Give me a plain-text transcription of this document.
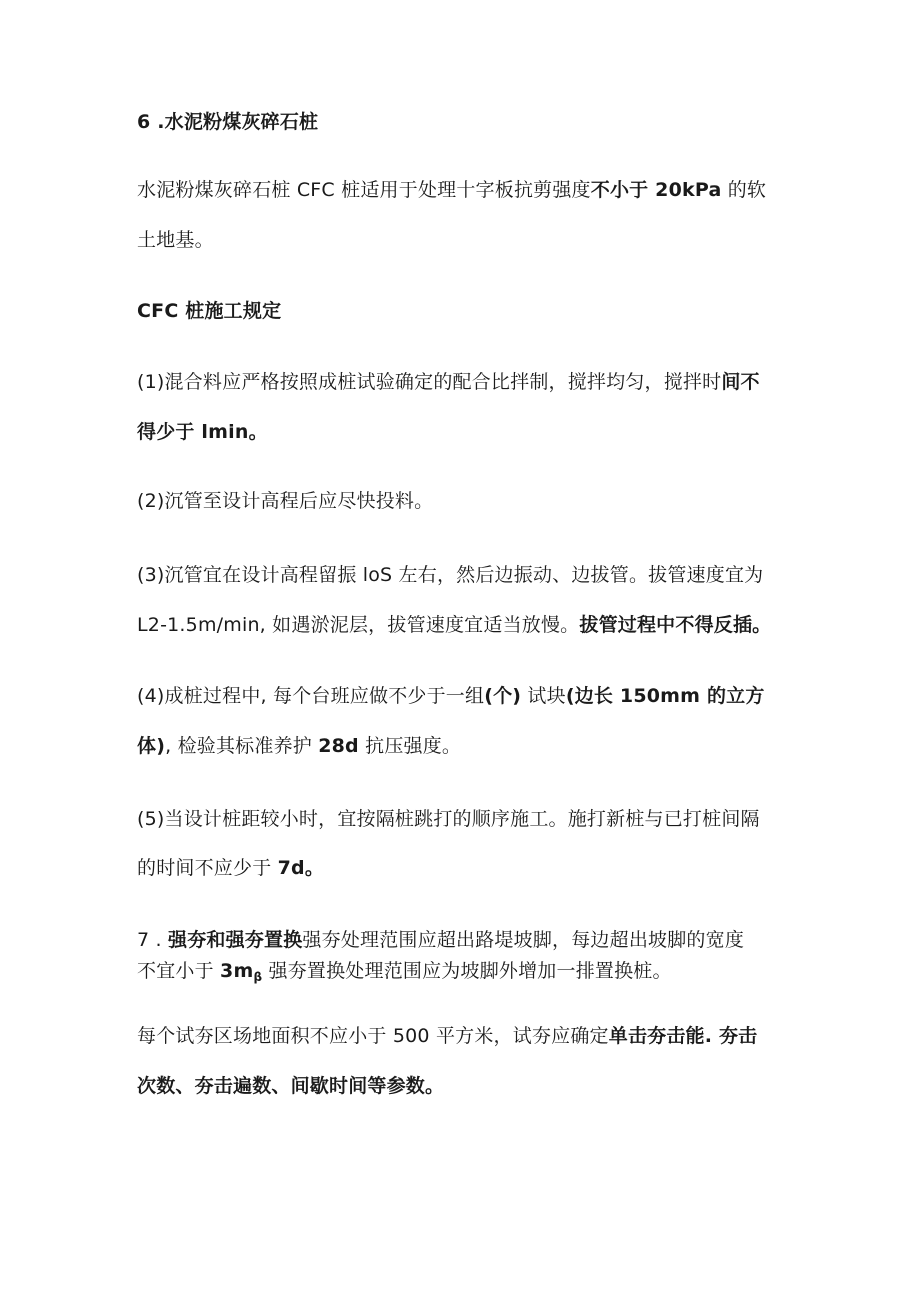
6 .水泥粉煤灰碎石桩
水泥粉煤灰碎石桩 CFC 桩适用于处理十字板抗剪强度不小于 20kPa 的软
土地基。
CFC 桩施工规定
(1)混合料应严格按照成桩试验确定的配合比拌制，搅拌均匀，搅拌时间不
得少于 lmin。
(2)沉管至设计高程后应尽快投料。
(3)沉管宜在设计高程留振 loS 左右，然后边振动、边拔管。拔管速度宜为
L2-1.5m/min, 如遇淤泥层，拔管速度宜适当放慢。拔管过程中不得反插。
(4)成桩过程中, 每个台班应做不少于一组(个) 试块(边长 150mm 的立方
体), 检验其标准养护 28d 抗压强度。
(5)当设计桩距较小时，宜按隔桩跳打的顺序施工。施打新桩与已打桩间隔
的时间不应少于 7d。
7 . 强夯和强夯置换强夯处理范围应超出路堤坡脚，每边超出坡脚的宽度
不宜小于 $3m_\beta$ 强夯置换处理范围应为坡脚外增加一排置换桩。
每个试夯区场地面积不应小于 500 平方米，试夯应确定单击夯击能. 夯击
次数、夯击遍数、间歇时间等参数。
